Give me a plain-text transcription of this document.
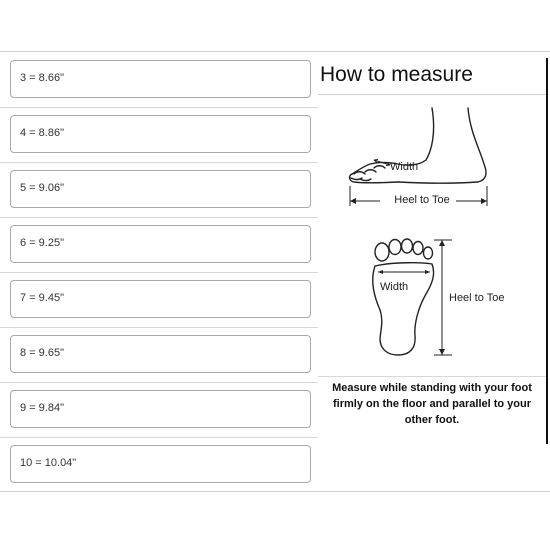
3 = 8.66"
4 = 8.86"
5 = 9.06"
6 = 9.25"
7 = 9.45"
8 = 9.65"
9 = 9.84"
10 = 10.04"
How to measure
Width
Heel to Toe
Width
Heel to Toe
Measure while standing with your foot firmly on the floor and parallel to your other foot.
